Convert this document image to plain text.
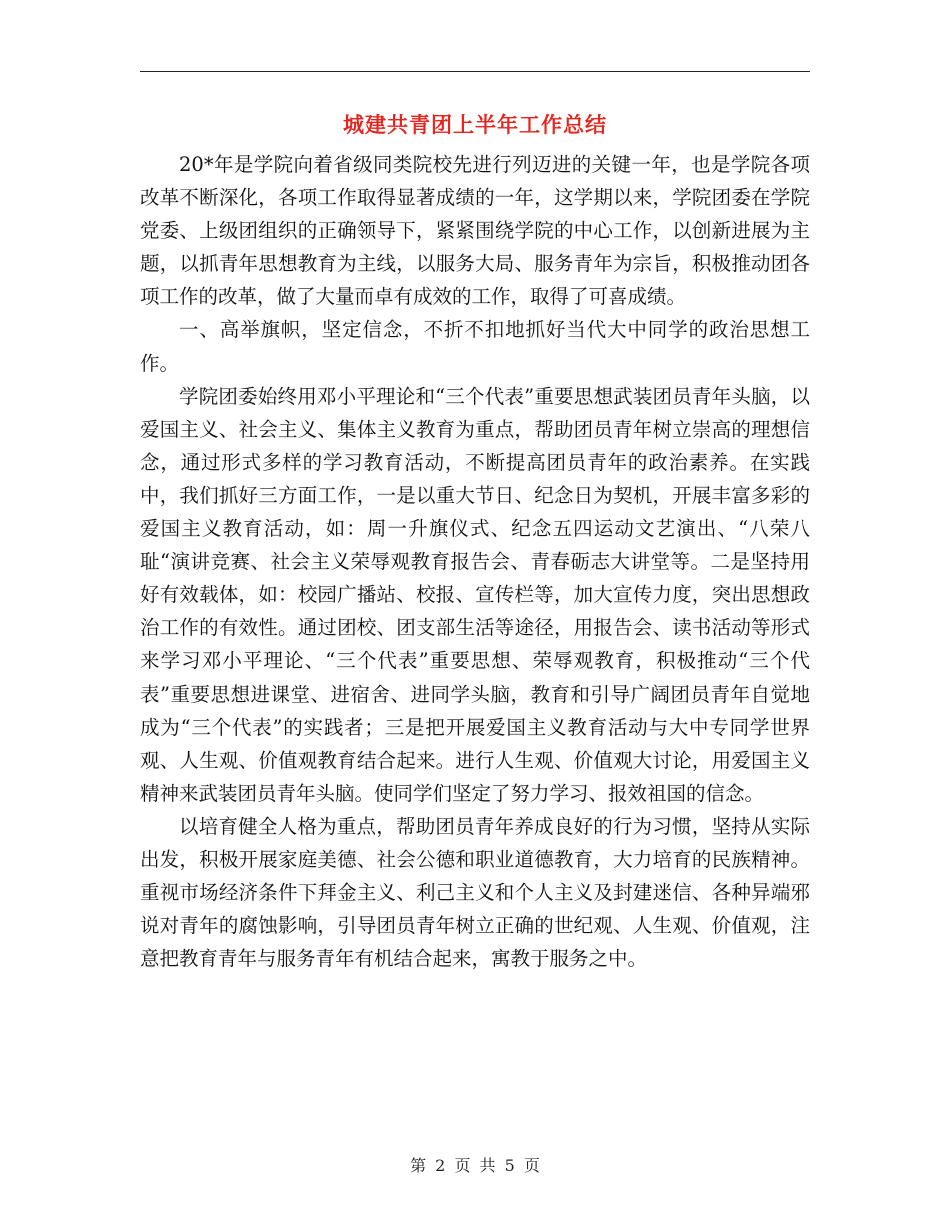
城建共青团上半年工作总结

20*年是学院向着省级同类院校先进行列迈进的关键一年，也是学院各项改革不断深化，各项工作取得显著成绩的一年，这学期以来，学院团委在学院党委、上级团组织的正确领导下，紧紧围绕学院的中心工作，以创新进展为主题，以抓青年思想教育为主线，以服务大局、服务青年为宗旨，积极推动团各项工作的改革，做了大量而卓有成效的工作，取得了可喜成绩。

一、高举旗帜，坚定信念，不折不扣地抓好当代大中同学的政治思想工作。

学院团委始终用邓小平理论和“三个代表”重要思想武装团员青年头脑，以爱国主义、社会主义、集体主义教育为重点，帮助团员青年树立崇高的理想信念，通过形式多样的学习教育活动，不断提高团员青年的政治素养。在实践中，我们抓好三方面工作，一是以重大节日、纪念日为契机，开展丰富多彩的爱国主义教育活动，如：周一升旗仪式、纪念五四运动文艺演出、“八荣八耻“演讲竞赛、社会主义荣辱观教育报告会、青春砺志大讲堂等。二是坚持用好有效载体，如：校园广播站、校报、宣传栏等，加大宣传力度，突出思想政治工作的有效性。通过团校、团支部生活等途径，用报告会、读书活动等形式来学习邓小平理论、“三个代表”重要思想、荣辱观教育，积极推动“三个代表”重要思想进课堂、进宿舍、进同学头脑，教育和引导广阔团员青年自觉地成为“三个代表”的实践者；三是把开展爱国主义教育活动与大中专同学世界观、人生观、价值观教育结合起来。进行人生观、价值观大讨论，用爱国主义精神来武装团员青年头脑。使同学们坚定了努力学习、报效祖国的信念。

以培育健全人格为重点，帮助团员青年养成良好的行为习惯，坚持从实际出发，积极开展家庭美德、社会公德和职业道德教育，大力培育的民族精神。重视市场经济条件下拜金主义、利己主义和个人主义及封建迷信、各种异端邪说对青年的腐蚀影响，引导团员青年树立正确的世纪观、人生观、价值观，注意把教育青年与服务青年有机结合起来，寓教于服务之中。

第 2 页 共 5 页
